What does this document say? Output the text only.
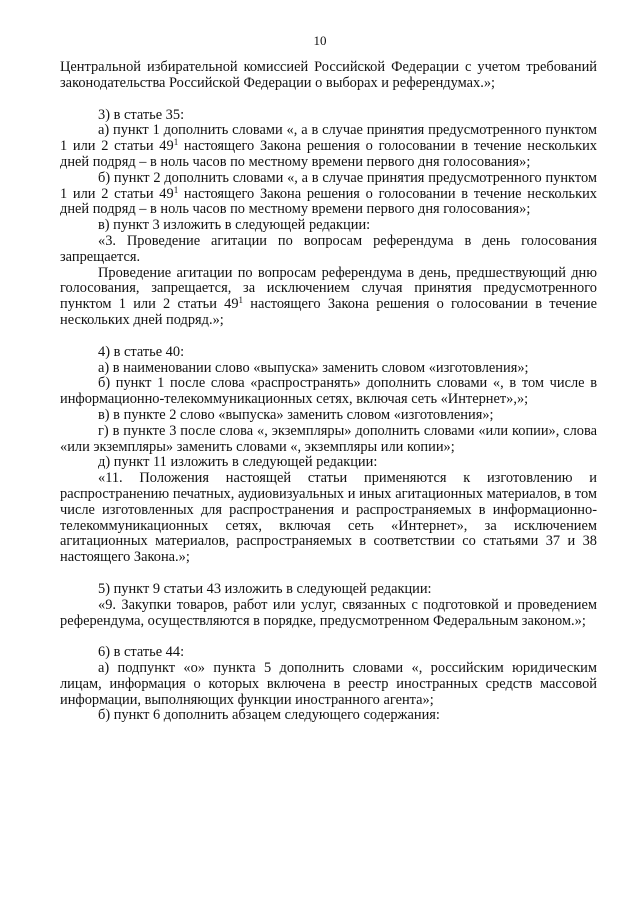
10

Центральной избирательной комиссией Российской Федерации с учетом требований законодательства Российской Федерации о выборах и референдумах.»;

3) в статье 35:

а) пункт 1 дополнить словами «, а в случае принятия предусмотренного пунктом 1 или 2 статьи $49^1$ настоящего Закона решения о голосовании в течение нескольких дней подряд – в ноль часов по местному времени первого дня голосования»;

б) пункт 2 дополнить словами «, а в случае принятия предусмотренного пунктом 1 или 2 статьи $49^1$ настоящего Закона решения о голосовании в течение нескольких дней подряд – в ноль часов по местному времени первого дня голосования»;

в) пункт 3 изложить в следующей редакции:

«3. Проведение агитации по вопросам референдума в день голосования запрещается.

Проведение агитации по вопросам референдума в день, предшествующий дню голосования, запрещается, за исключением случая принятия предусмотренного пунктом 1 или 2 статьи $49^1$ настоящего Закона решения о голосовании в течение нескольких дней подряд.»;

4) в статье 40:

а) в наименовании слово «выпуска» заменить словом «изготовления»;

б) пункт 1 после слова «распространять» дополнить словами «, в том числе в информационно-телекоммуникационных сетях, включая сеть «Интернет»,»;

в) в пункте 2 слово «выпуска» заменить словом «изготовления»;

г) в пункте 3 после слова «, экземпляры» дополнить словами «или копии», слова «или экземпляры» заменить словами «, экземпляры или копии»;

д) пункт 11 изложить в следующей редакции:

«11. Положения настоящей статьи применяются к изготовлению и распространению печатных, аудиовизуальных и иных агитационных материалов, в том числе изготовленных для распространения и распространяемых в информационно-телекоммуникационных сетях, включая сеть «Интернет», за исключением агитационных материалов, распространяемых в соответствии со статьями 37 и 38 настоящего Закона.»;

5) пункт 9 статьи 43 изложить в следующей редакции:

«9. Закупки товаров, работ или услуг, связанных с подготовкой и проведением референдума, осуществляются в порядке, предусмотренном Федеральным законом.»;

6) в статье 44:

а) подпункт «о» пункта 5 дополнить словами «, российским юридическим лицам, информация о которых включена в реестр иностранных средств массовой информации, выполняющих функции иностранного агента»;

б) пункт 6 дополнить абзацем следующего содержания:
